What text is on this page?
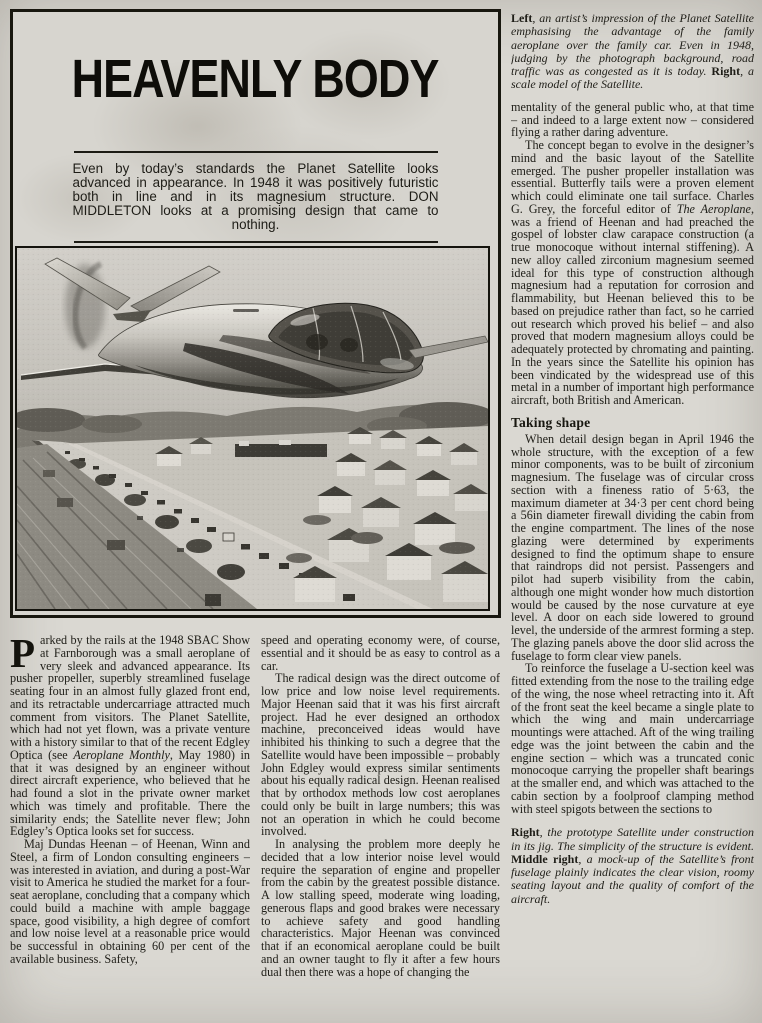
HEAVENLY BODY

Even by today’s standards the Planet Satellite looks advanced in appearance. In 1948 it was positively futuristic both in line and in its magnesium structure. DON MIDDLETON looks at a promising design that came to nothing.

Parked by the rails at the 1948 SBAC Show at Farnborough was a small aeroplane of very sleek and advanced appearance. Its pusher propeller, superbly streamlined fuselage seating four in an almost fully glazed front end, and its retractable undercarriage attracted much comment from visitors. The Planet Satellite, which had not yet flown, was a private venture with a history similar to that of the recent Edgley Optica (see Aeroplane Monthly, May 1980) in that it was designed by an engineer without direct aircraft experience, who believed that he had found a slot in the private owner market which was timely and profitable. There the similarity ends; the Satellite never flew; John Edgley’s Optica looks set for success.

Maj Dundas Heenan – of Heenan, Winn and Steel, a firm of London consulting engineers – was interested in aviation, and during a post-War visit to America he studied the market for a four-seat aeroplane, concluding that a company which could build a machine with ample baggage space, good visibility, a high degree of comfort and low noise level at a reasonable price would be successful in obtaining 60 per cent of the available business. Safety,

speed and operating economy were, of course, essential and it should be as easy to control as a car.

The radical design was the direct outcome of low price and low noise level requirements. Major Heenan said that it was his first aircraft project. Had he ever designed an orthodox machine, preconceived ideas would have inhibited his thinking to such a degree that the Satellite would have been impossible – probably John Edgley would express similar sentiments about his equally radical design. Heenan realised that by orthodox methods low cost aeroplanes could only be built in large numbers; this was not an operation in which he could become involved.

In analysing the problem more deeply he decided that a low interior noise level would require the separation of engine and propeller from the cabin by the greatest possible distance. A low stalling speed, moderate wing loading, generous flaps and good brakes were necessary to achieve safety and good handling characteristics. Major Heenan was convinced that if an economical aeroplane could be built and an owner taught to fly it after a few hours dual then there was a hope of changing the

Left, an artist’s impression of the Planet Satellite emphasising the advantage of the family aeroplane over the family car. Even in 1948, judging by the photograph background, road traffic was as congested as it is today. Right, a scale model of the Satellite.

mentality of the general public who, at that time – and indeed to a large extent now – considered flying a rather daring adventure.

The concept began to evolve in the designer’s mind and the basic layout of the Satellite emerged. The pusher propeller installation was essential. Butterfly tails were a proven element which could eliminate one tail surface. Charles G. Grey, the forceful editor of The Aeroplane, was a friend of Heenan and had preached the gospel of lobster claw carapace construction (a true monocoque without internal stiffening). A new alloy called zirconium magnesium seemed ideal for this type of construction although magnesium had a reputation for corrosion and flammability, but Heenan believed this to be based on prejudice rather than fact, so he carried out research which proved his belief – and also proved that modern magnesium alloys could be adequately protected by chromating and painting. In the years since the Satellite his opinion has been vindicated by the widespread use of this metal in a number of important high performance aircraft, both British and American.

Taking shape

When detail design began in April 1946 the whole structure, with the exception of a few minor components, was to be built of zirconium magnesium. The fuselage was of circular cross section with a fineness ratio of 5·63, the maximum diameter at 34·3 per cent chord being a 56in diameter firewall dividing the cabin from the engine compartment. The lines of the nose glazing were determined by experiments designed to find the optimum shape to ensure that raindrops did not persist. Passengers and pilot had superb visibility from the cabin, although one might wonder how much distortion would be caused by the nose curvature at eye level. A door on each side lowered to ground level, the underside of the armrest forming a step. The glazing panels above the door slid across the fuselage to form clear view panels.

To reinforce the fuselage a U-section keel was fitted extending from the nose to the trailing edge of the wing, the nose wheel retracting into it. Aft of the front seat the keel became a single plate to which the wing and main undercarriage mountings were attached. Aft of the wing trailing edge was the joint between the cabin and the engine section – which was a truncated conic monocoque carrying the propeller shaft bearings at the smaller end, and which was attached to the cabin section by a foolproof clamping method with steel spigots between the sections to

Right, the prototype Satellite under construction in its jig. The simplicity of the structure is evident. Middle right, a mock-up of the Satellite’s front fuselage plainly indicates the clear vision, roomy seating layout and the quality of comfort of the aircraft.
